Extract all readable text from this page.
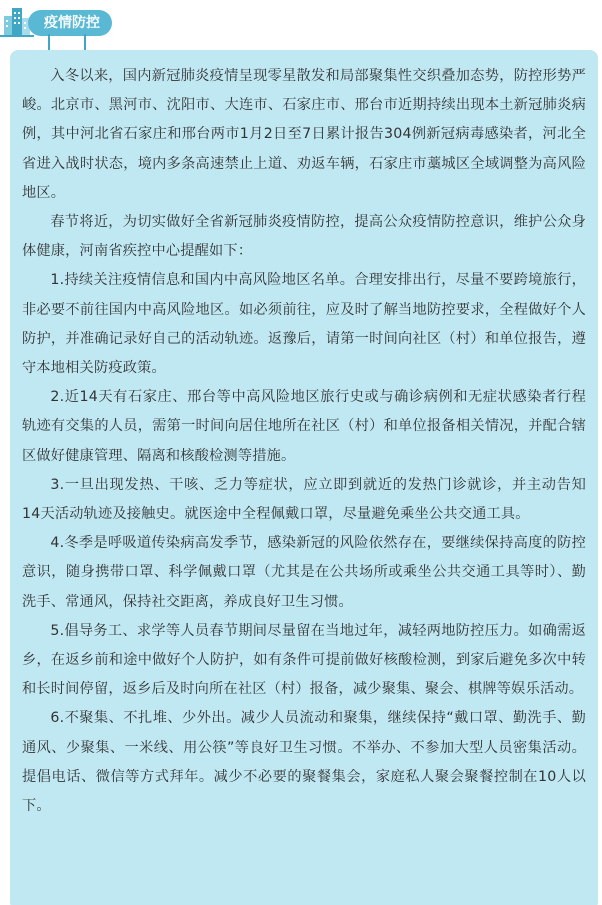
疫情防控

入冬以来，国内新冠肺炎疫情呈现零星散发和局部聚集性交织叠加态势，防控形势严峻。北京市、黑河市、沈阳市、大连市、石家庄市、邢台市近期持续出现本土新冠肺炎病例，其中河北省石家庄和邢台两市1月2日至7日累计报告304例新冠病毒感染者，河北全省进入战时状态，境内多条高速禁止上道、劝返车辆，石家庄市藁城区全域调整为高风险地区。

春节将近，为切实做好全省新冠肺炎疫情防控，提高公众疫情防控意识，维护公众身体健康，河南省疾控中心提醒如下：

1.持续关注疫情信息和国内中高风险地区名单。合理安排出行，尽量不要跨境旅行，非必要不前往国内中高风险地区。如必须前往，应及时了解当地防控要求，全程做好个人防护，并准确记录好自己的活动轨迹。返豫后，请第一时间向社区（村）和单位报告，遵守本地相关防疫政策。

2.近14天有石家庄、邢台等中高风险地区旅行史或与确诊病例和无症状感染者行程轨迹有交集的人员，需第一时间向居住地所在社区（村）和单位报备相关情况，并配合辖区做好健康管理、隔离和核酸检测等措施。

3.一旦出现发热、干咳、乏力等症状，应立即到就近的发热门诊就诊，并主动告知14天活动轨迹及接触史。就医途中全程佩戴口罩，尽量避免乘坐公共交通工具。

4.冬季是呼吸道传染病高发季节，感染新冠的风险依然存在，要继续保持高度的防控意识，随身携带口罩、科学佩戴口罩（尤其是在公共场所或乘坐公共交通工具等时）、勤洗手、常通风，保持社交距离，养成良好卫生习惯。

5.倡导务工、求学等人员春节期间尽量留在当地过年，减轻两地防控压力。如确需返乡，在返乡前和途中做好个人防护，如有条件可提前做好核酸检测，到家后避免多次中转和长时间停留，返乡后及时向所在社区（村）报备，减少聚集、聚会、棋牌等娱乐活动。

6.不聚集、不扎堆、少外出。减少人员流动和聚集，继续保持“戴口罩、勤洗手、勤通风、少聚集、一米线、用公筷”等良好卫生习惯。不举办、不参加大型人员密集活动。提倡电话、微信等方式拜年。减少不必要的聚餐集会，家庭私人聚会聚餐控制在10人以下。
